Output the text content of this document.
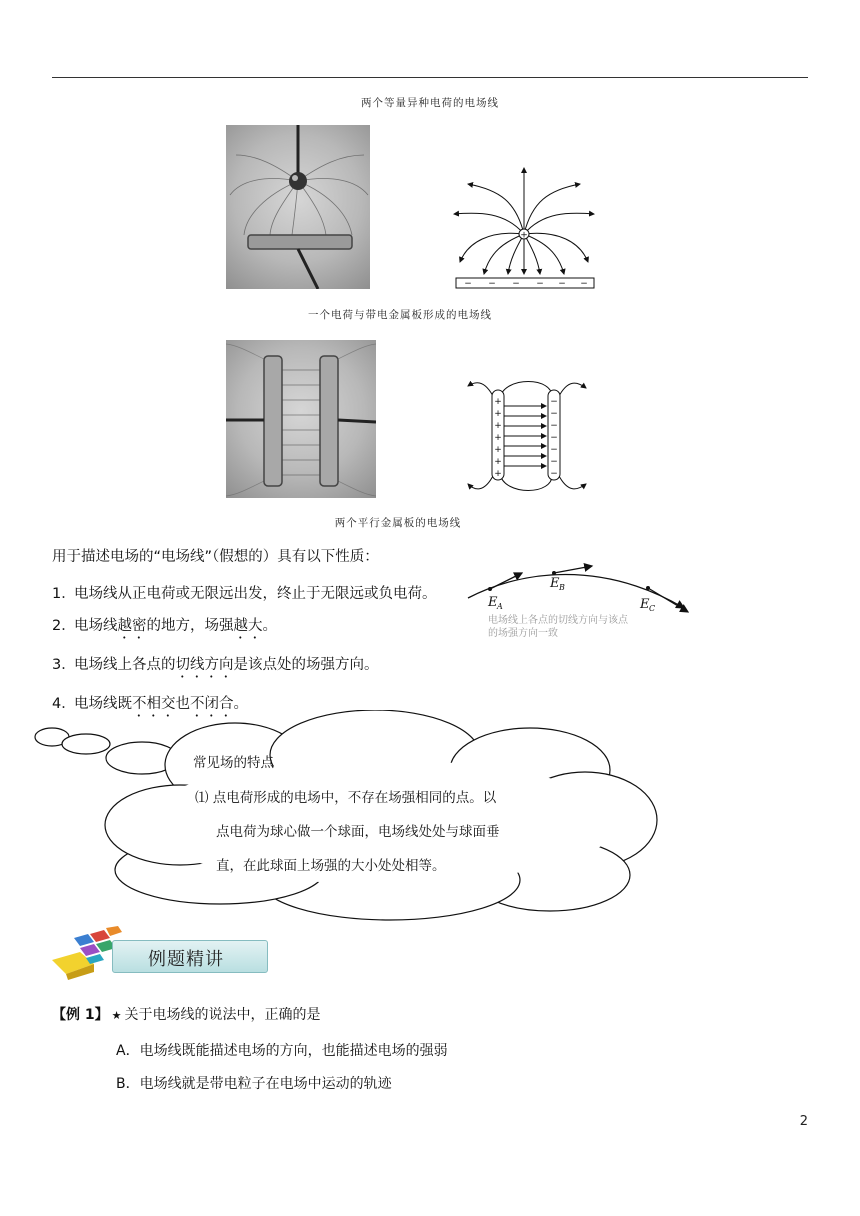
两个等量异种电荷的电场线
+
− − − − − −
一个电荷与带电金属板形成的电场线
+
+
+
+
+
+
+
−
−
−
−
−
−
−
两个平行金属板的电场线
用于描述电场的“电场线”（假想的）具有以下性质：
1．电场线从正电荷或无限远出发，终止于无限远或负电荷。
2．电场线越密的地方，场强越大。
3．电场线上各点的切线方向是该点处的场强方向。
4．电场线既不相交也不闭合。
E A
E B
E C
电场线上各点的切线方向与该点
的场强方向一致
常见场的特点
⑴ 点电荷形成的电场中，不存在场强相同的点。以
点电荷为球心做一个球面，电场线处处与球面垂
直，在此球面上场强的大小处处相等。
例题精讲
【例 1】 ★ 关于电场线的说法中，正确的是
A．电场线既能描述电场的方向，也能描述电场的强弱
B．电场线就是带电粒子在电场中运动的轨迹
2
